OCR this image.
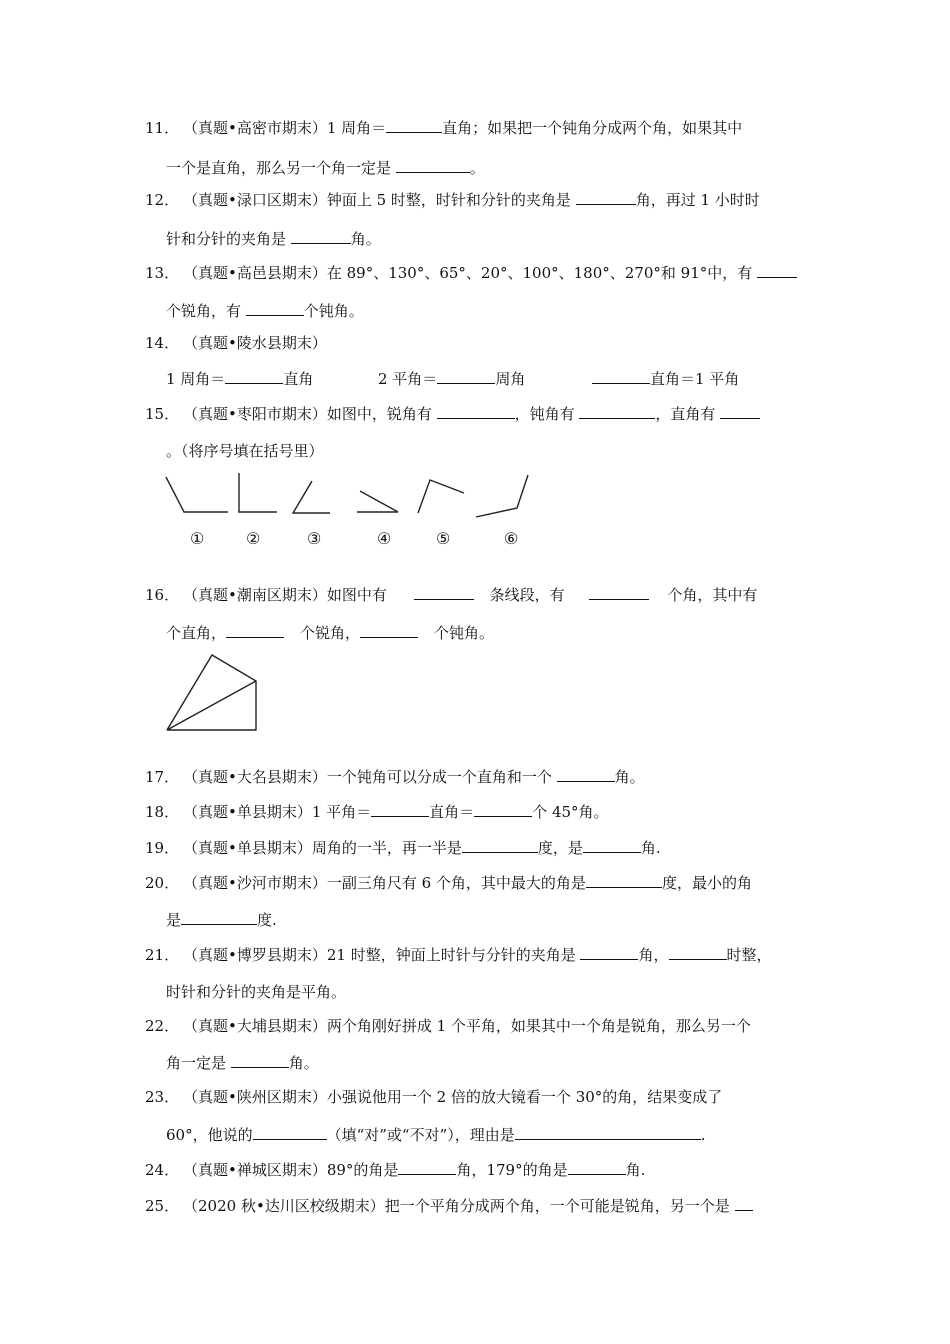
11． （真题•高密市期末）1 周角＝	直角；如果把一个钝角分成两个角，如果其中
一个是直角，那么另一个角一定是	。
12． （真题•渌口区期末）钟面上 5 时整，时针和分针的夹角是	角，再过 1 小时时
针和分针的夹角是	角。
13． （真题•高邑县期末）在 89°、130°、65°、20°、100°、180°、270°和 91°中，有
个锐角，有	个钝角。
14． （真题•陵水县期末）
1 周角＝	直角	2 平角＝	周角	直角＝1 平角
15． （真题•枣阳市期末）如图中，锐角有	，钝角有	，直角有
。（将序号填在括号里）
①	②	③	④	⑤	⑥
16． （真题•潮南区期末）如图中有	条线段，有	个角，其中有
个直角，	个锐角，	个钝角。
17． （真题•大名县期末）一个钝角可以分成一个直角和一个	角。
18． （真题•单县期末）1 平角＝	直角＝	个 45°角。
19． （真题•单县期末）周角的一半，再一半是	度，是	角.
20． （真题•沙河市期末）一副三角尺有 6 个角，其中最大的角是	度，最小的角
是	度.
21． （真题•博罗县期末）21 时整，钟面上时针与分针的夹角是	角，	时整，
时针和分针的夹角是平角。
22． （真题•大埔县期末）两个角刚好拼成 1 个平角，如果其中一个角是锐角，那么另一个
角一定是	角。
23． （真题•陕州区期末）小强说他用一个 2 倍的放大镜看一个 30°的角，结果变成了
60°，他说的	（填“对”或“不对”），理由是	.
24． （真题•禅城区期末）89°的角是	角，179°的角是	角.
25． （2020 秋•达川区校级期末）把一个平角分成两个角，一个可能是锐角，另一个是
